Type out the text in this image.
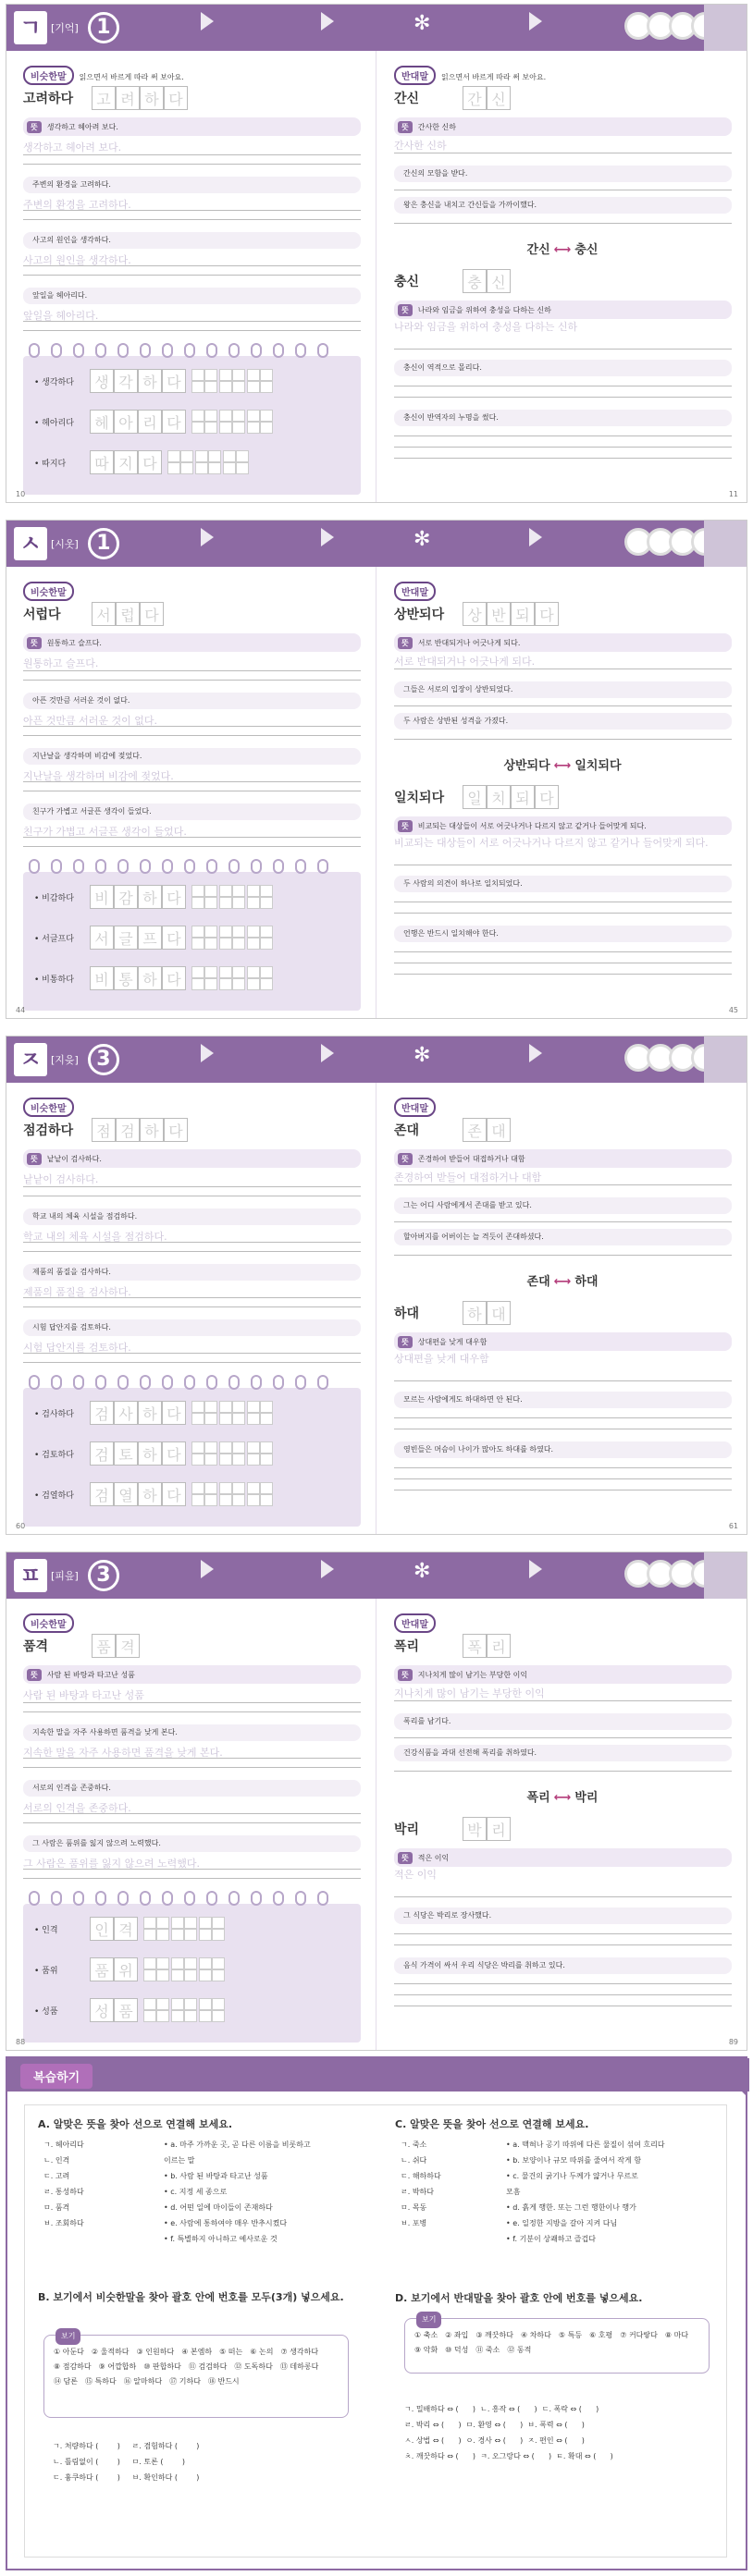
ㄱ [기억] 1	✻
비슷한말 읽으면서 바르게 따라 써 보아요.
고려하다	고 려 하 다
뜻	생각하고 헤아려 보다.
생각하고 헤아려 보다.
주변의 환경을 고려하다.
주변의 환경을 고려하다.
사고의 원인을 생각하다.
사고의 원인을 생각하다.
앞일을 헤아리다.
앞일을 헤아리다.
• 생각하다	생 각 하 다
• 헤아리다	헤 아 리 다
• 따지다	따 지 다
10
반대말 읽으면서 바르게 따라 써 보아요.
간신	간 신
뜻	간사한 신하
간사한 신하
간신의 모함을 받다.
왕은 충신을 내치고 간신들을 가까이했다.
간신 ⟷ 충신
충신	충 신
뜻	나라와 임금을 위하여 충성을 다하는 신하
나라와 임금을 위하여 충성을 다하는 신하
충신이 역적으로 몰리다.
충신이 반역자의 누명을 썼다.
11
ㅅ [시옷] 1	✻
비슷한말
서럽다	서 럽 다
뜻	원통하고 슬프다.
원통하고 슬프다.
아픈 것만큼 서러운 것이 없다.
아픈 것만큼 서러운 것이 없다.
지난날을 생각하며 비감에 젖었다.
지난날을 생각하며 비감에 젖었다.
친구가 가볍고 서글픈 생각이 들었다.
친구가 가볍고 서글픈 생각이 들었다.
• 비감하다	비 감 하 다
• 서글프다	서 글 프 다
• 비통하다	비 통 하 다
44
반대말
상반되다	상 반 되 다
뜻	서로 반대되거나 어긋나게 되다.
서로 반대되거나 어긋나게 되다.
그들은 서로의 입장이 상반되었다.
두 사람은 상반된 성격을 가졌다.
상반되다 ⟷ 일치되다
일치되다	일 치 되 다
뜻	비교되는 대상들이 서로 어긋나거나 다르지 않고 같거나 들어맞게 되다.
비교되는 대상들이 서로 어긋나거나 다르지 않고 같거나 들어맞게 되다.
두 사람의 의견이 하나로 일치되었다.
언행은 반드시 일치해야 한다.
45
ㅈ [지읒] 3	✻
비슷한말
점검하다	점 검 하 다
뜻	낱낱이 검사하다.
낱낱이 검사하다.
학교 내의 체육 시설을 점검하다.
학교 내의 체육 시설을 점검하다.
제품의 품질을 검사하다.
제품의 품질을 검사하다.
시험 답안지를 검토하다.
시험 답안지를 검토하다.
• 검사하다	검 사 하 다
• 검토하다	검 토 하 다
• 검열하다	검 열 하 다
60
반대말
존대	존 대
뜻	존경하여 받들어 대접하거나 대함
존경하여 받들어 대접하거나 대함
그는 어디 사람에게서 존대를 받고 있다.
할아버지를 어버이는 늘 격듯이 존대하셨다.
존대 ⟷ 하대
하대	하 대
뜻	상대편을 낮게 대우함
상대편을 낮게 대우함
모르는 사람에게도 하대하면 안 된다.
영빈들은 머슴이 나이가 많아도 하대를 하였다.
61
ㅍ [피읖] 3	✻
비슷한말
품격	품 격
뜻	사람 된 바탕과 타고난 성품
사람 된 바탕과 타고난 성품
지속한 말을 자주 사용하면 품격을 낮게 본다.
지속한 말을 자주 사용하면 품격을 낮게 본다.
서로의 인격을 존중하다.
서로의 인격을 존중하다.
그 사람은 품위를 잃지 않으려 노력했다.
그 사람은 품위를 잃지 않으려 노력했다.
• 인격	인 격
• 품위	품 위
• 성품	성 품
88
반대말
폭리	폭 리
뜻	지나치게 많이 남기는 부당한 이익
지나치게 많이 남기는 부당한 이익
폭리를 남기다.
건강식품을 과대 선전해 폭리를 취하였다.
폭리 ⟷ 박리
박리	박 리
뜻	적은 이익
적은 이익
그 식당은 박리로 장사했다.
음식 가격이 싸서 우리 식당은 박리를 취하고 있다.
89
복습하기
A. 알맞은 뜻을 찾아 선으로 연결해 보세요.
ㄱ. 헤아리다
ㄴ. 인격
ㄷ. 고려
ㄹ. 통성하다
ㅁ. 품격
ㅂ. 조회하다
• a. 마주 가까운 곳, 곧 다른 이름을 비롯하고
이르는 말
• b. 사람 된 바탕과 타고난 성품
• c. 지정 세 종으로
• d. 어떤 일에 마이들이 존재하다
• e. 사람에 통하여야 매우 반추시켰다
• f. 특별하지 아니하고 예사로운 것
C. 알맞은 뜻을 찾아 선으로 연결해 보세요.
ㄱ. 죽소
ㄴ. 쉬다
ㄷ. 해하하다
ㄹ. 박하다
ㅁ. 목동
ㅂ. 포병
• a. 맥혀나 공기 따위에 다른 물질이 섞여 흐리다
• b. 보양이나 규모 따위를 줄여서 작게 함
• c. 물건의 굵기나 두께가 얇거나 무르로
모흠
• d. 흙게 행한. 또는 그런 행한이나 행가
• e. 일정한 지방을 갈아 지켜 다님
• f. 기분이 상쾌하고 즐겁다
B. 보기에서 비슷한말을 찾아 괄호 안에 번호를 모두(3개) 넣으세요.
보기
① 아둔다 ② 울적하다 ③ 인원하다 ④ 본엠하 ⑤ 떠는 ⑥ 논의 ⑦ 생각하다⑧ 점감하다 ⑨ 어깝합하 ⑩ 판합하다 ⑪ 검검하다 ⑫ 도독하다 ⑬ 데하롱다⑭ 담론 ⑮ 특하다 ⑯ 알마하다 ⑰ 기하다 ⑱ 반드시
ㄱ. 처량하다 (        )     ㄹ. 겸험하다 (        )
ㄴ. 틀림없이 (        )     ㅁ. 토론 (        )
ㄷ. 흉쿠하다 (        )     ㅂ. 확인하다 (        )
D. 보기에서 반대말을 찾아 괄호 안에 번호를 넣으세요.
보기
① 축소 ② 좌입 ③ 깨끗하다 ④ 차하다 ⑤ 특등 ⑥ 호평 ⑦ 커다랗다 ⑧ 마다⑨ 악화 ⑩ 덕성 ⑪ 죽소 ⑫ 동적
ㄱ. 밀배하다 ⇔ (      )  ㄴ. 흥작 ⇔ (      )  ㄷ. 폭락 ⇔ (      )
ㄹ. 박리 ⇔ (      )  ㅁ. 환영 ⇔ (      )  ㅂ. 폭력 ⇔ (      )
ㅅ. 상법 ⇔ (      )  ㅇ. 경사 ⇔ (      )  ㅈ. 편인 ⇔ (      )
ㅊ. 깨끗하다 ⇔ (      )  ㅋ. 오그랑다 ⇔ (      )  ㅌ. 확대 ⇔ (      )
